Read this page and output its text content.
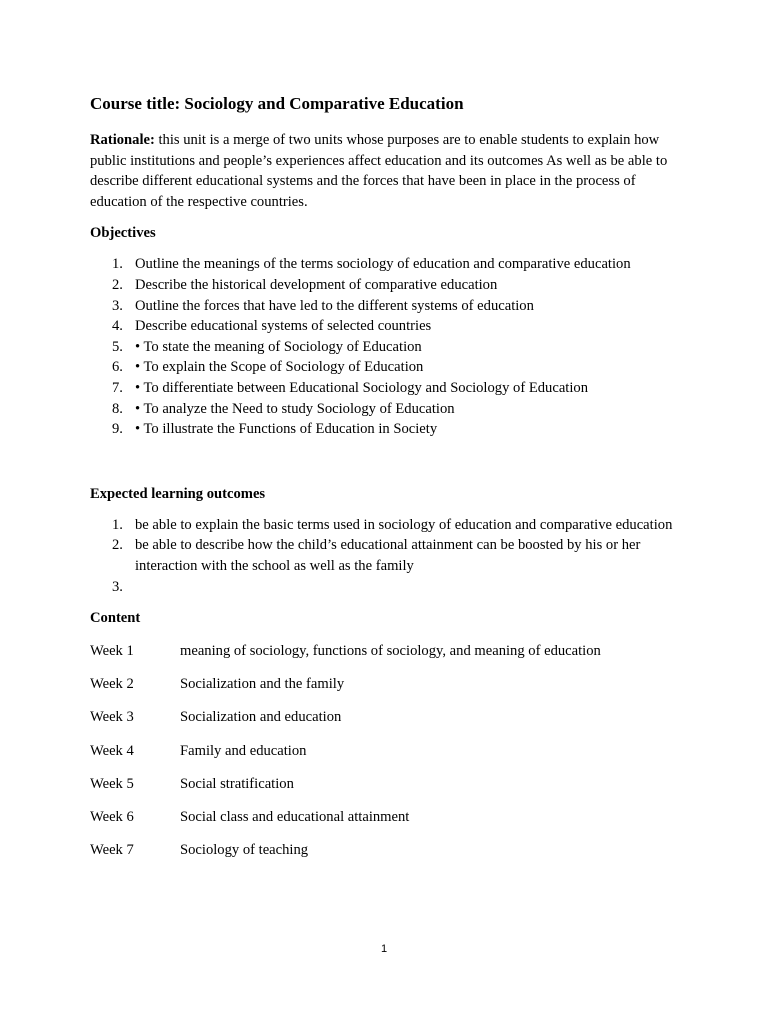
Course title: Sociology and Comparative Education

Rationale: this unit is a merge of two units whose purposes are to enable students to explain how public institutions and people’s experiences affect education and its outcomes As well as be able to describe different educational systems and the forces that have been in place in the process of education of the respective countries.

Objectives
1. Outline the meanings of the terms sociology of education and comparative education
2. Describe the historical development of comparative education
3. Outline the forces that have led to the different systems of education
4. Describe educational systems of selected countries
5. • To state the meaning of Sociology of Education
6. • To explain the Scope of Sociology of Education
7. • To differentiate between Educational Sociology and Sociology of Education
8. • To analyze the Need to study Sociology of Education
9. • To illustrate the Functions of Education in Society
Expected learning outcomes
1. be able to explain the basic terms used in sociology of education and comparative education
2. be able to describe how the child’s educational attainment can be boosted by his or her interaction with the school as well as the family
3.

Content
Week 1	meaning of sociology, functions of sociology, and meaning of education
Week 2	Socialization and the family
Week 3	Socialization and education
Week 4	Family and education
Week 5	Social stratification
Week 6	Social class and educational attainment
Week 7	Sociology of teaching
1
